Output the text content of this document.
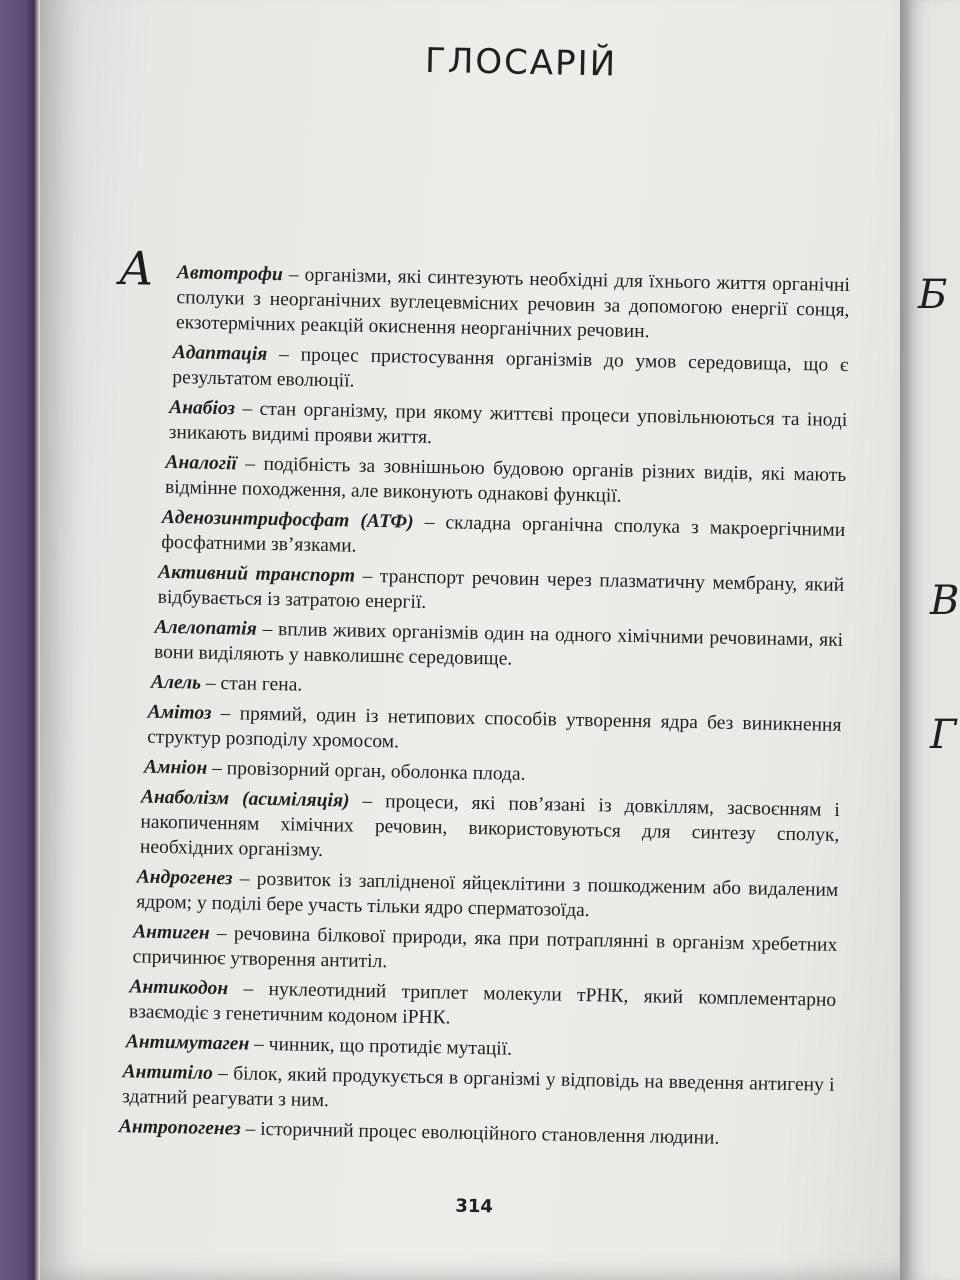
Б
В
Г
ГЛОСАРІЙ
А	Автотрофи – організми, які синтезують необхідні для їхнього життя органічні сполуки з неорганічних вуглецевмісних речовин за допомогою енергії сонця, екзотермічних реакцій окиснення неорганічних речовин.

Адаптація – процес пристосування організмів до умов середовища, що є результатом еволюції.

Анабіоз – стан організму, при якому життєві процеси уповільнюються та іноді зникають видимі прояви життя.

Аналогії – подібність за зовнішньою будовою органів різних видів, які мають відмінне походження, але виконують однакові функції.

Аденозинтрифосфат (АТФ) – складна органічна сполука з макроергічними фосфатними зв’язками.

Активний транспорт – транспорт речовин через плазматичну мембрану, який відбувається із затратою енергії.

Алелопатія – вплив живих організмів один на одного хімічними речовинами, які вони виділяють у навколишнє середовище.

Алель – стан гена.

Амітоз – прямий, один із нетипових способів утворення ядра без виникнення структур розподілу хромосом.

Амніон – провізорний орган, оболонка плода.

Анаболізм (асиміляція) – процеси, які пов’язані із довкіллям, засвоєнням і накопиченням хімічних речовин, використовуються для синтезу сполук, необхідних організму.

Андрогенез – розвиток із заплідненої яйцеклітини з пошкодженим або видаленим ядром; у поділі бере участь тільки ядро сперматозоїда.

Антиген – речовина білкової природи, яка при потраплянні в організм хребетних спричинює утворення антитіл.

Антикодон – нуклеотидний триплет молекули тРНК, який комплементарно взаємодіє з генетичним кодоном іРНК.

Антимутаген – чинник, що протидіє мутації.

Антитіло – білок, який продукується в організмі у відповідь на введення антигену і здатний реагувати з ним.

Антропогенез – історичний процес еволюційного становлення людини.

314
